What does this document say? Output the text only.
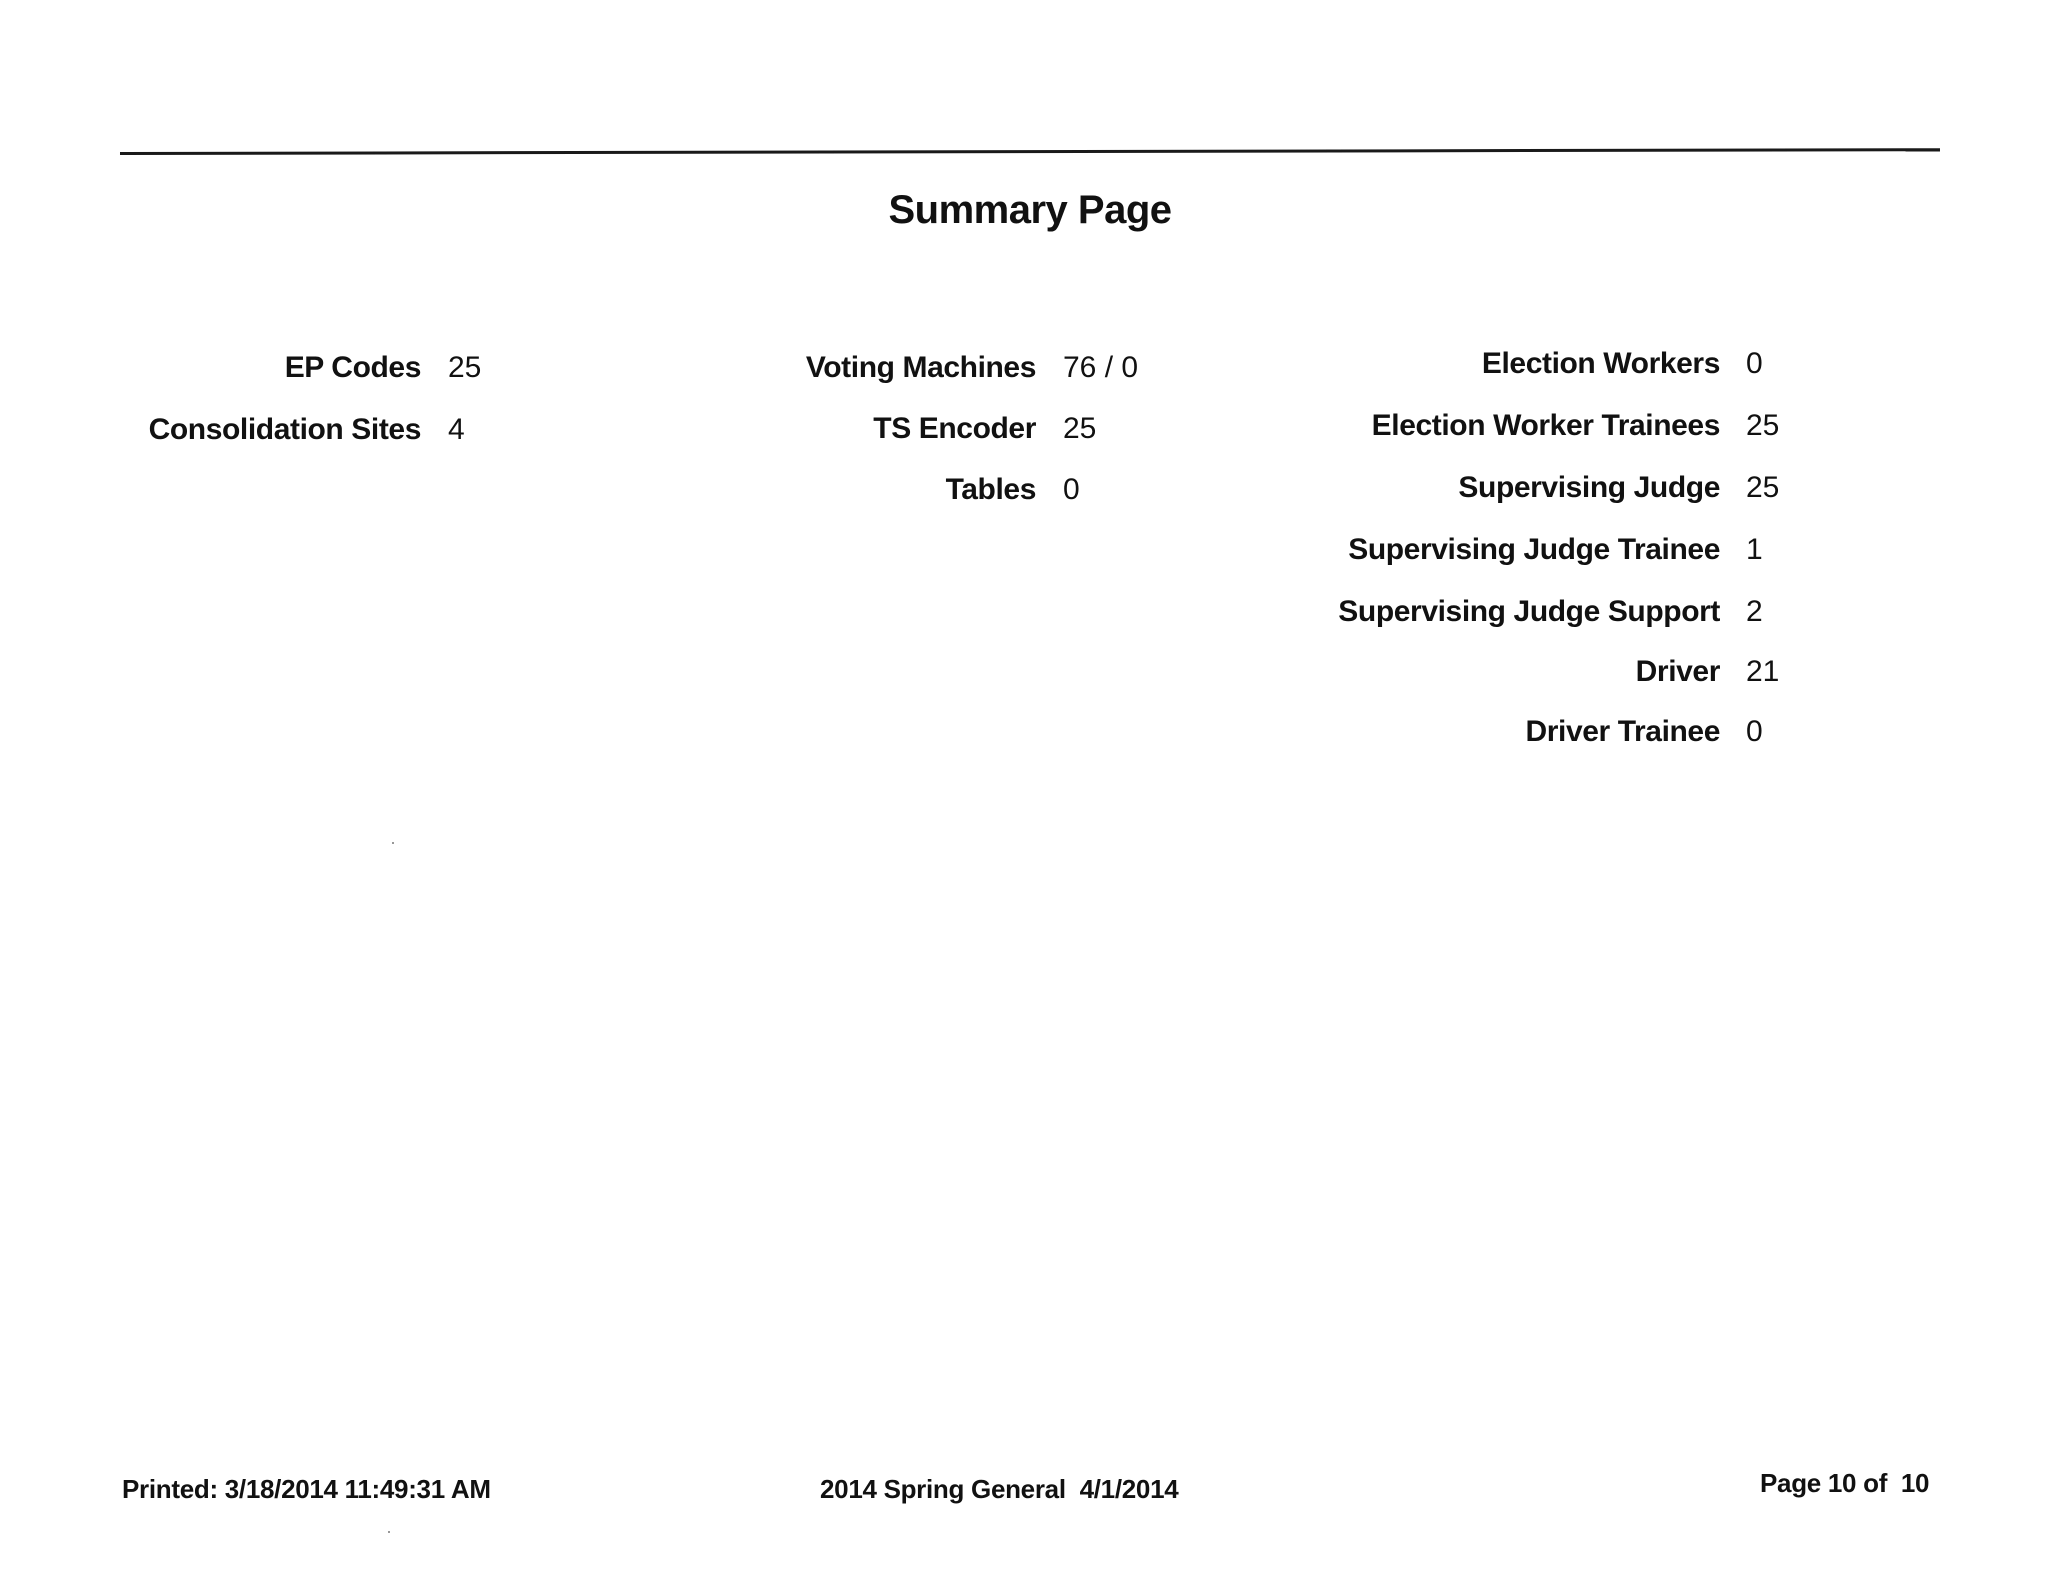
Summary Page
EP Codes 25
Consolidation Sites 4
Voting Machines 76 / 0
TS Encoder 25
Tables 0
Election Workers 0
Election Worker Trainees 25
Supervising Judge 25
Supervising Judge Trainee 1
Supervising Judge Support 2
Driver 21
Driver Trainee 0
Printed: 3/18/2014 11:49:31 AM	2014 Spring General  4/1/2014	Page 10 of  10
